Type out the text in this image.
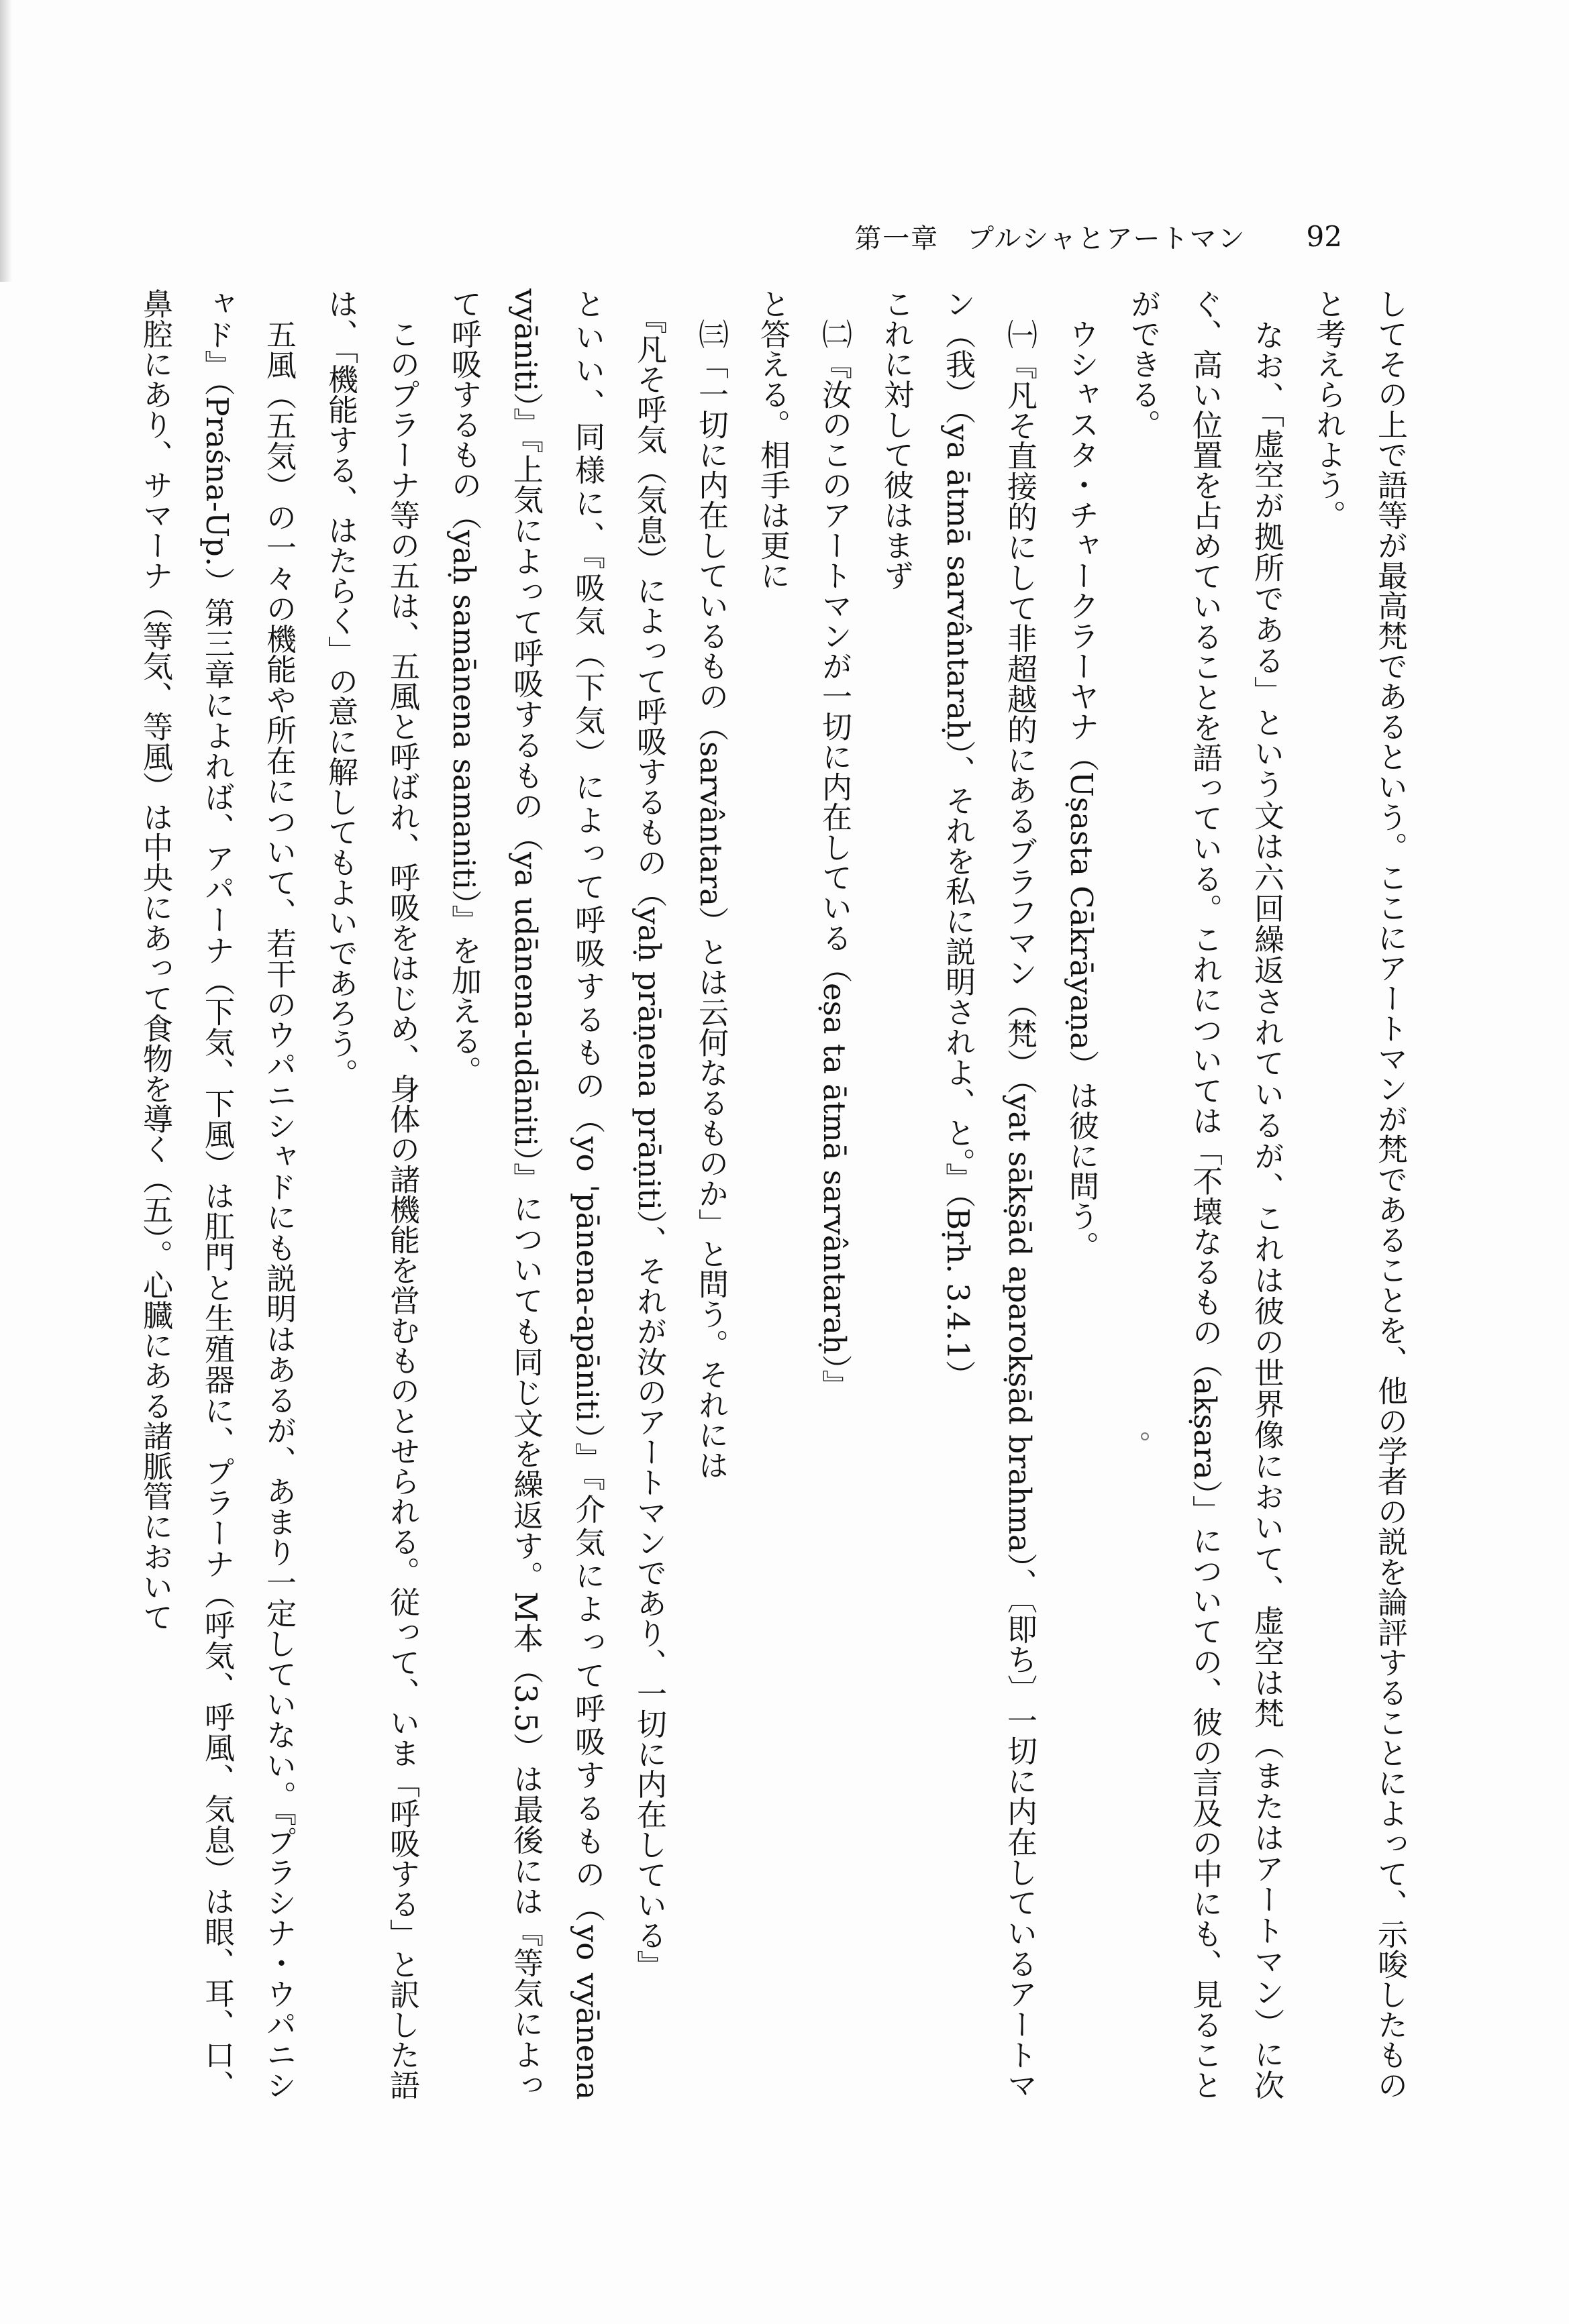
第一章　プルシャとアートマン 92

してその上で語等が最高梵であるという。ここにアートマンが梵であることを、他の学者の説を論評することによって、示唆したものと考えられよう。

　なお、「虚空が拠所である」という文は六回繰返されているが、これは彼の世界像において、虚空は梵（またはアートマン）に次ぐ、高い位置を占めていることを語っている。これについては「不壊なるもの（akṣara）」についての、彼の言及の中にも、見ることができる。

　ウシャスタ・チャークラーヤナ（Uṣasta Cākrāyaṇa）は彼に問う。

　㈠『凡そ直接的にして非超越的にあるブラフマン（梵）（yat sākṣād aparokṣād brahma）、〔即ち〕一切に内在しているアートマン（我）（ya ātmā sarvântaraḥ）、それを私に説明されよ、と。』（Bṛh. 3.4.1）

これに対して彼はまず

　㈡『汝のこのアートマンが一切に内在している（eṣa ta ātmā sarvântaraḥ）』

と答える。相手は更に

　㈢「一切に内在しているもの（sarvântara）とは云何なるものか」と問う。それには

　『凡そ呼気（気息）によって呼吸するもの（yaḥ prāṇena prāṇiti）、それが汝のアートマンであり、一切に内在している』

といい、同様に、『吸気（下気）によって呼吸するもの（yo 'pānena-apāniti）』『介気によって呼吸するもの（yo vyānena vyāniti）』『上気によって呼吸するもの（ya udānena-udāniti）』についても同じ文を繰返す。M本（3.5）は最後には『等気によって呼吸するもの（yaḥ samānena samaniti）』を加える。

　このプラーナ等の五は、五風と呼ばれ、呼吸をはじめ、身体の諸機能を営むものとせられる。従って、いま「呼吸する」と訳した語は、「機能する、はたらく」の意に解してもよいであろう。

　五風（五気）の一々の機能や所在について、若干のウパニシャドにも説明はあるが、あまり一定していない。『プラシナ・ウパニシャド』（Praśna-Up.）第三章によれば、アパーナ（下気、下風）は肛門と生殖器に、プラーナ（呼気、呼風、気息）は眼、耳、口、鼻腔にあり、サマーナ（等気、等風）は中央にあって食物を導く（五）。心臓にある諸脈管において
